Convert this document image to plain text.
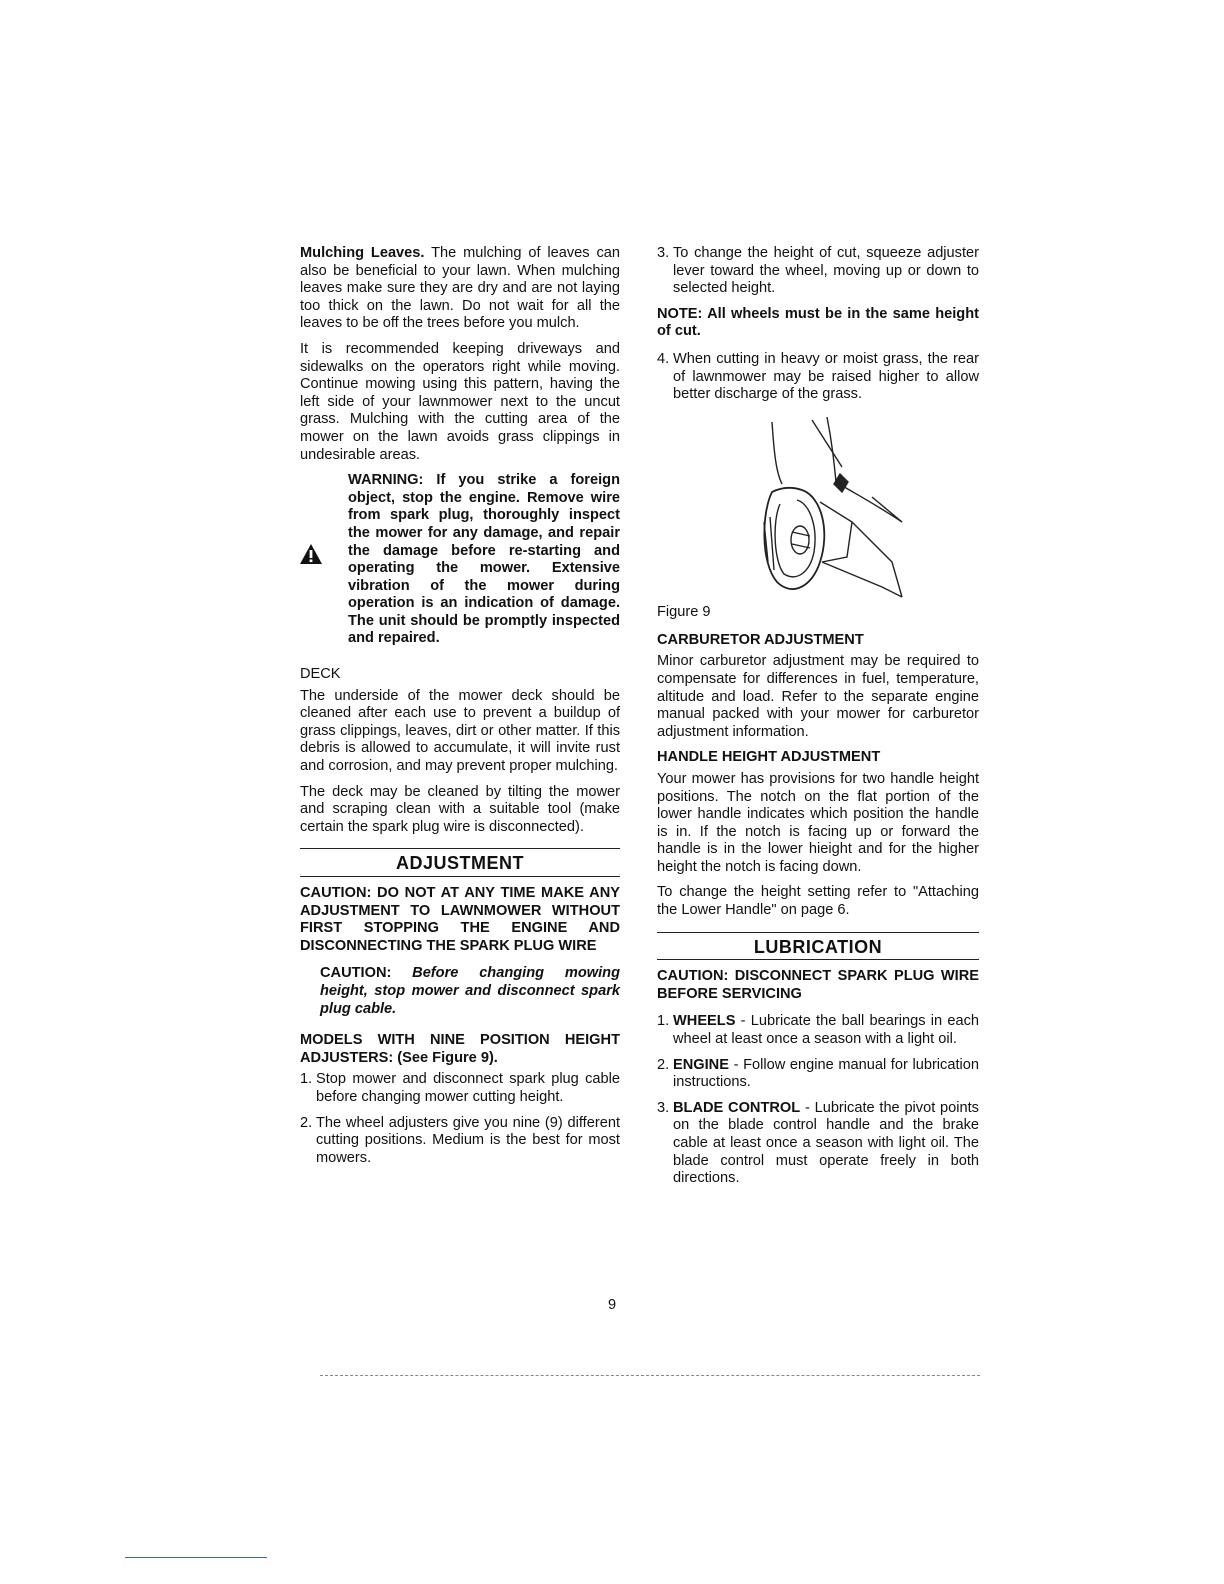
Mulching Leaves. The mulching of leaves can also be beneficial to your lawn. When mulching leaves make sure they are dry and are not laying too thick on the lawn. Do not wait for all the leaves to be off the trees before you mulch.

It is recommended keeping driveways and sidewalks on the operators right while moving. Continue mowing using this pattern, having the left side of your lawnmower next to the uncut grass. Mulching with the cutting area of the mower on the lawn avoids grass clippings in undesirable areas.

WARNING: If you strike a foreign object, stop the engine. Remove wire from spark plug, thoroughly inspect the mower for any damage, and repair the damage before re-starting and operating the mower. Extensive vibration of the mower during operation is an indication of damage. The unit should be promptly inspected and repaired.

DECK

The underside of the mower deck should be cleaned after each use to prevent a buildup of grass clippings, leaves, dirt or other matter. If this debris is allowed to accumulate, it will invite rust and corrosion, and may prevent proper mulching.

The deck may be cleaned by tilting the mower and scraping clean with a suitable tool (make certain the spark plug wire is disconnected).

ADJUSTMENT

CAUTION: DO NOT AT ANY TIME MAKE ANY ADJUSTMENT TO LAWNMOWER WITHOUT FIRST STOPPING THE ENGINE AND DISCONNECTING THE SPARK PLUG WIRE

CAUTION: Before changing mowing height, stop mower and disconnect spark plug cable.

MODELS WITH NINE POSITION HEIGHT ADJUSTERS: (See Figure 9).

1. Stop mower and disconnect spark plug cable before changing mower cutting height.
2. The wheel adjusters give you nine (9) different cutting positions. Medium is the best for most mowers.
3. To change the height of cut, squeeze adjuster lever toward the wheel, moving up or down to selected height.

NOTE: All wheels must be in the same height of cut.

4. When cutting in heavy or moist grass, the rear of lawnmower may be raised higher to allow better discharge of the grass.
Figure 9

CARBURETOR ADJUSTMENT

Minor carburetor adjustment may be required to compensate for differences in fuel, temperature, altitude and load. Refer to the separate engine manual packed with your mower for carburetor adjustment information.

HANDLE HEIGHT ADJUSTMENT

Your mower has provisions for two handle height positions. The notch on the flat portion of the lower handle indicates which position the handle is in. If the notch is facing up or forward the handle is in the lower hieight and for the higher height the notch is facing down.

To change the height setting refer to "Attaching the Lower Handle" on page 6.

LUBRICATION

CAUTION: DISCONNECT SPARK PLUG WIRE BEFORE SERVICING

1. WHEELS - Lubricate the ball bearings in each wheel at least once a season with a light oil.
2. ENGINE - Follow engine manual for lubrication instructions.
3. BLADE CONTROL - Lubricate the pivot points on the blade control handle and the brake cable at least once a season with light oil. The blade control must operate freely in both directions.
9
